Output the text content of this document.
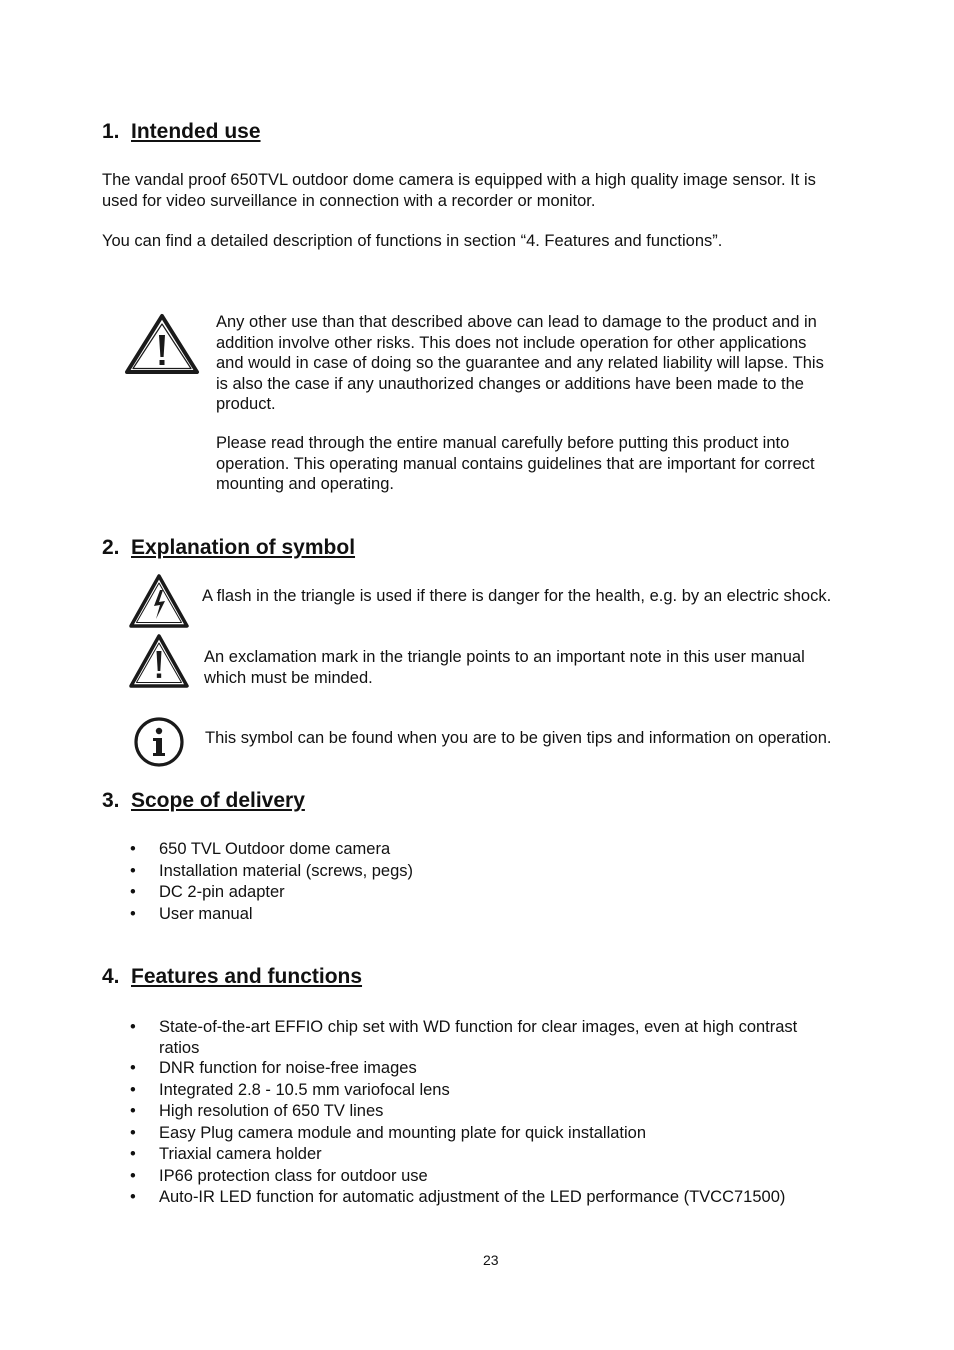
1. Intended use
The vandal proof 650TVL outdoor dome camera is equipped with a high quality image sensor. It is
used for video surveillance in connection with a recorder or monitor.
You can find a detailed description of functions in section “4. Features and functions”.
Any other use than that described above can lead to damage to the product and in
addition involve other risks. This does not include operation for other applications
and would in case of doing so the guarantee and any related liability will lapse. This
is also the case if any unauthorized changes or additions have been made to the
product.
Please read through the entire manual carefully before putting this product into
operation. This operating manual contains guidelines that are important for correct
mounting and operating.
2. Explanation of symbol
A flash in the triangle is used if there is danger for the health, e.g. by an electric shock.
An exclamation mark in the triangle points to an important note in this user manual
which must be minded.
This symbol can be found when you are to be given tips and information on operation.
3. Scope of delivery
• 650 TVL Outdoor dome camera
• Installation material (screws, pegs)
• DC 2-pin adapter
• User manual
4. Features and functions
• State-of-the-art EFFIO chip set with WD function for clear images, even at high contrast
ratios
• DNR function for noise-free images
• Integrated 2.8 - 10.5 mm variofocal lens
• High resolution of 650 TV lines
• Easy Plug camera module and mounting plate for quick installation
• Triaxial camera holder
• IP66 protection class for outdoor use
• Auto-IR LED function for automatic adjustment of the LED performance (TVCC71500)
23
